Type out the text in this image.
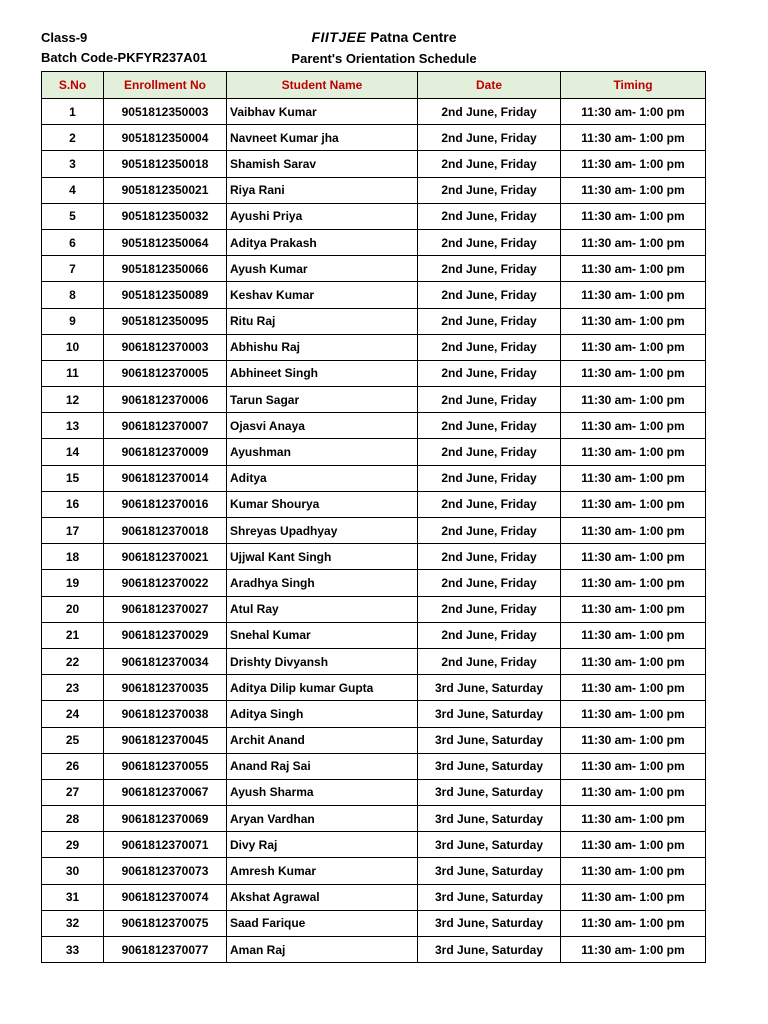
Class-9
Batch Code-PKFYR237A01
FIITJEE Patna Centre
Parent's Orientation Schedule
S.No	Enrollment No	Student Name	Date	Timing
1	9051812350003	Vaibhav Kumar	2nd June, Friday	11:30 am- 1:00 pm
2	9051812350004	Navneet Kumar jha	2nd June, Friday	11:30 am- 1:00 pm
3	9051812350018	Shamish Sarav	2nd June, Friday	11:30 am- 1:00 pm
4	9051812350021	Riya Rani	2nd June, Friday	11:30 am- 1:00 pm
5	9051812350032	Ayushi Priya	2nd June, Friday	11:30 am- 1:00 pm
6	9051812350064	Aditya Prakash	2nd June, Friday	11:30 am- 1:00 pm
7	9051812350066	Ayush Kumar	2nd June, Friday	11:30 am- 1:00 pm
8	9051812350089	Keshav Kumar	2nd June, Friday	11:30 am- 1:00 pm
9	9051812350095	Ritu Raj	2nd June, Friday	11:30 am- 1:00 pm
10	9061812370003	Abhishu Raj	2nd June, Friday	11:30 am- 1:00 pm
11	9061812370005	Abhineet Singh	2nd June, Friday	11:30 am- 1:00 pm
12	9061812370006	Tarun Sagar	2nd June, Friday	11:30 am- 1:00 pm
13	9061812370007	Ojasvi Anaya	2nd June, Friday	11:30 am- 1:00 pm
14	9061812370009	Ayushman	2nd June, Friday	11:30 am- 1:00 pm
15	9061812370014	Aditya	2nd June, Friday	11:30 am- 1:00 pm
16	9061812370016	Kumar Shourya	2nd June, Friday	11:30 am- 1:00 pm
17	9061812370018	Shreyas Upadhyay	2nd June, Friday	11:30 am- 1:00 pm
18	9061812370021	Ujjwal Kant Singh	2nd June, Friday	11:30 am- 1:00 pm
19	9061812370022	Aradhya Singh	2nd June, Friday	11:30 am- 1:00 pm
20	9061812370027	Atul Ray	2nd June, Friday	11:30 am- 1:00 pm
21	9061812370029	Snehal Kumar	2nd June, Friday	11:30 am- 1:00 pm
22	9061812370034	Drishty Divyansh	2nd June, Friday	11:30 am- 1:00 pm
23	9061812370035	Aditya Dilip kumar Gupta	3rd June, Saturday	11:30 am- 1:00 pm
24	9061812370038	Aditya Singh	3rd June, Saturday	11:30 am- 1:00 pm
25	9061812370045	Archit Anand	3rd June, Saturday	11:30 am- 1:00 pm
26	9061812370055	Anand Raj Sai	3rd June, Saturday	11:30 am- 1:00 pm
27	9061812370067	Ayush Sharma	3rd June, Saturday	11:30 am- 1:00 pm
28	9061812370069	Aryan Vardhan	3rd June, Saturday	11:30 am- 1:00 pm
29	9061812370071	Divy Raj	3rd June, Saturday	11:30 am- 1:00 pm
30	9061812370073	Amresh Kumar	3rd June, Saturday	11:30 am- 1:00 pm
31	9061812370074	Akshat Agrawal	3rd June, Saturday	11:30 am- 1:00 pm
32	9061812370075	Saad Farique	3rd June, Saturday	11:30 am- 1:00 pm
33	9061812370077	Aman Raj	3rd June, Saturday	11:30 am- 1:00 pm
